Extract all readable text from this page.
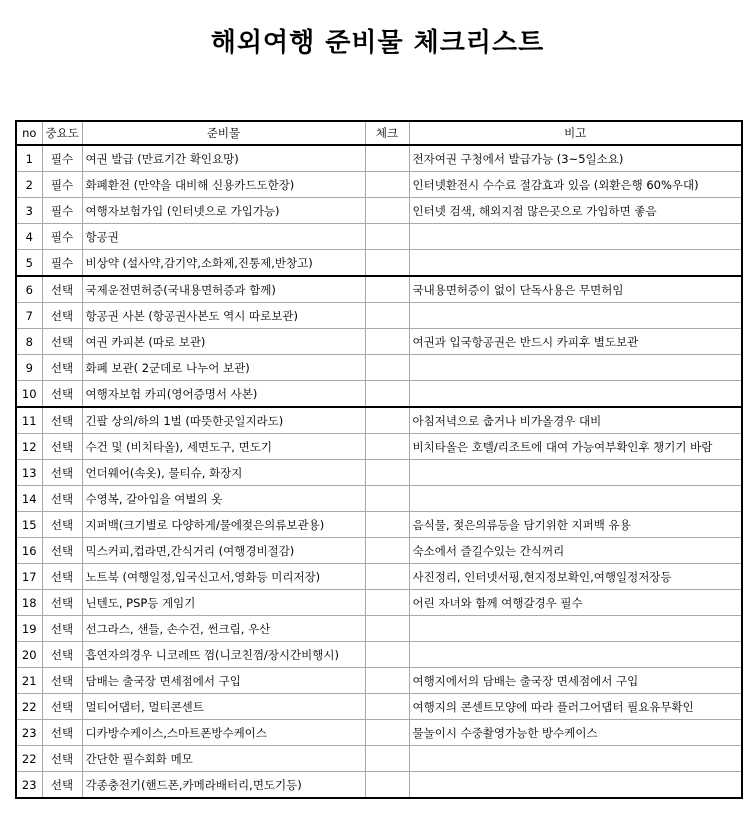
해외여행 준비물 체크리스트
no	중요도	준비물	체크	비고
1	필수	여권 발급 (만료기간 확인요망)		전자여권 구청에서 발급가능 (3~5일소요)
2	필수	화폐환전 (만약을 대비해 신용카드도한장)		인터넷환전시 수수료 절감효과 있음 (외환은행 60%우대)
3	필수	여행자보험가입 (인터넷으로 가입가능)		인터넷 검색, 해외지점 많은곳으로 가입하면 좋음
4	필수	항공권		
5	필수	비상약 (설사약,감기약,소화제,진통제,반창고)		
6	선택	국제운전면허증(국내용면허증과 함께)		국내용면허증이 없이 단독사용은 무면허임
7	선택	항공권 사본 (항공권사본도 역시 따로보관)		
8	선택	여권 카피본 (따로 보관)		여권과 입국항공권은 반드시 카피후 별도보관
9	선택	화폐 보관( 2군데로 나누어 보관)		
10	선택	여행자보험 카피(영어증명서 사본)		
11	선택	긴팔 상의/하의 1벌 (따뜻한곳일지라도)		아침저녁으로 춥거나 비가올경우 대비
12	선택	수건 및 (비치타올), 세면도구, 면도기		비치타올은 호텔/리조트에 대여 가능여부확인후 챙기기 바람
13	선택	언더웨어(속옷), 물티슈, 화장지		
14	선택	수영복, 갈아입을 여벌의 옷		
15	선택	지퍼백(크기별로 다양하게/물에젖은의류보관용)		음식물, 젖은의류등을 담기위한 지퍼백 유용
16	선택	믹스커피,컵라면,간식거리 (여행경비절감)		숙소에서 즐길수있는 간식꺼리
17	선택	노트북 (여행일정,입국신고서,영화등 미리저장)		사진정리, 인터넷서핑,현지정보확인,여행일정저장등
18	선택	닌텐도, PSP등 게임기		어린 자녀와 함께 여행갈경우 필수
19	선택	선그라스, 샌들, 손수건, 썬크림, 우산		
20	선택	흡연자의경우 니코레뜨 껌(니코친껌/장시간비행시)		
21	선택	담배는 출국장 면세점에서 구입		여행지에서의 담배는 출국장 면세점에서 구입
22	선택	멀티어댑터, 멀티콘센트		여행지의 콘센트모양에 따라 플러그어댑터 필요유무확인
23	선택	디카방수케이스,스마트폰방수케이스		물놀이시 수중촬영가능한 방수케이스
22	선택	간단한 필수회화 메모		
23	선택	각종충전기(핸드폰,카메라배터리,면도기등)		
